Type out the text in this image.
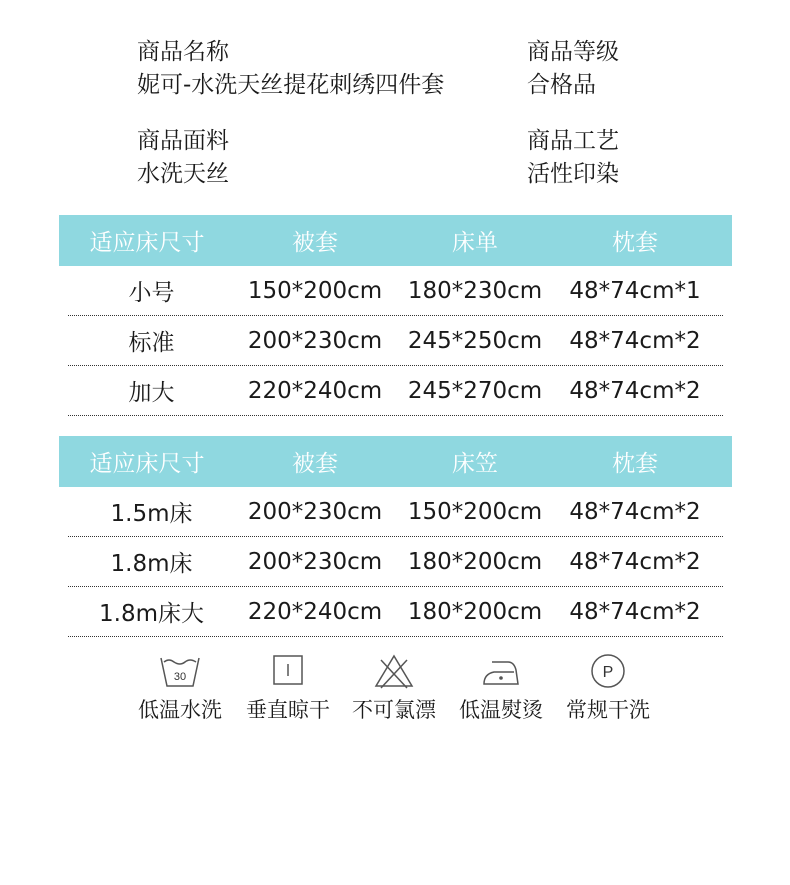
商品名称
妮可-水洗天丝提花刺绣四件套
商品等级
合格品
商品面料
水洗天丝
商品工艺
活性印染
适应床尺寸	被套	床单	枕套
小号	150*200cm	180*230cm	48*74cm*1
标准	200*230cm	245*250cm	48*74cm*2
加大	220*240cm	245*270cm	48*74cm*2
适应床尺寸	被套	床笠	枕套
1.5m床	200*230cm	150*200cm	48*74cm*2
1.8m床	200*230cm	180*200cm	48*74cm*2
1.8m床大	220*240cm	180*200cm	48*74cm*2
30
低温水洗	垂直晾干	不可氯漂	低温熨烫
P
常规干洗
